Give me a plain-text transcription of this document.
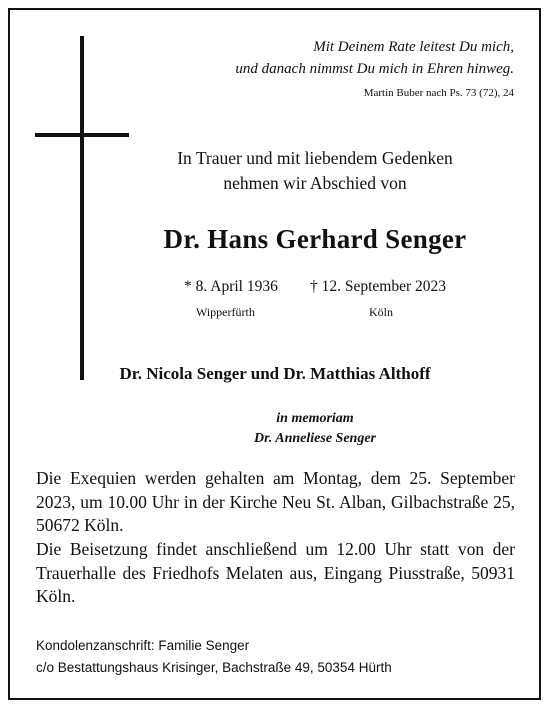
Mit Deinem Rate leitest Du mich,
und danach nimmst Du mich in Ehren hinweg.
Martin Buber nach Ps. 73 (72), 24
In Trauer und mit liebendem Gedenken
nehmen wir Abschied von
Dr. Hans Gerhard Senger
* 8. April 1936 † 12. September 2023
Wipperfürth	Köln
Dr. Nicola Senger und Dr. Matthias Althoff
in memoriam
Dr. Anneliese Senger
Die Exequien werden gehalten am Montag, dem 25. September 2023, um 10.00 Uhr in der Kirche Neu St. Alban, Gilbachstraße 25, 50672 Köln.
Die Beisetzung findet anschließend um 12.00 Uhr statt von der Trauerhalle des Friedhofs Melaten aus, Eingang Piusstraße, 50931 Köln.
Kondolenzanschrift: Familie Senger
c/o Bestattungshaus Krisinger, Bachstraße 49, 50354 Hürth
